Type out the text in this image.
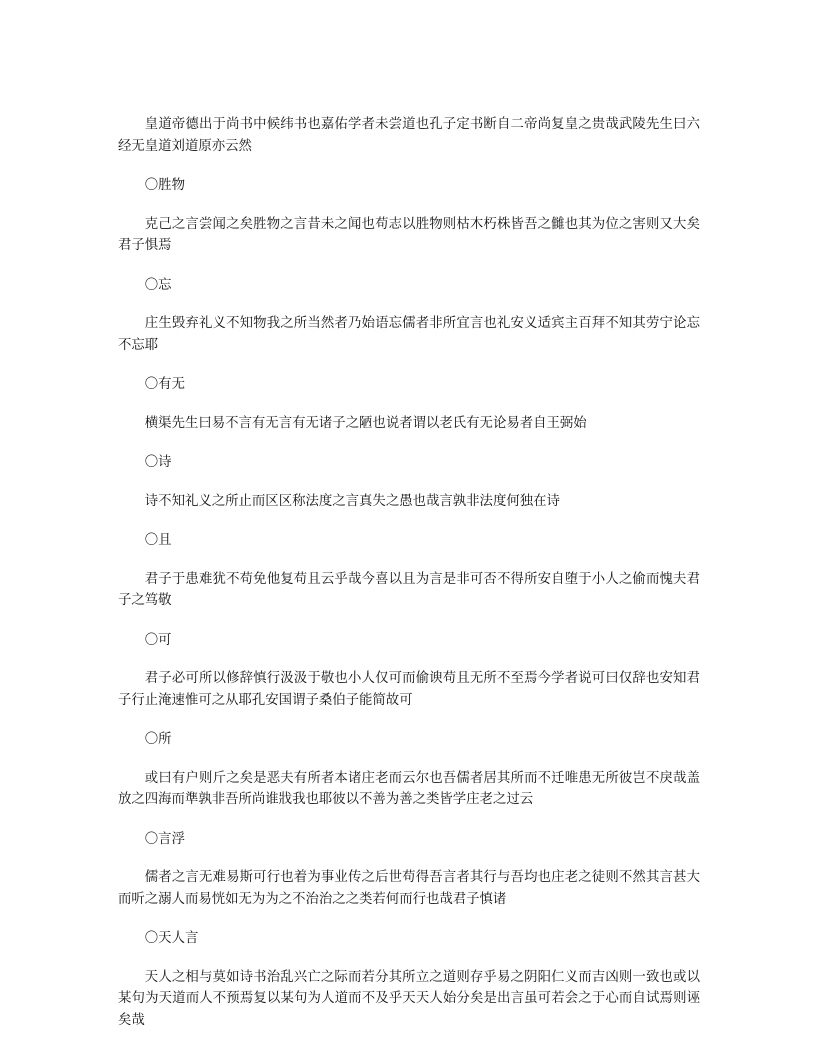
皇道帝德出于尚书中候纬书也嘉佑学者未尝道也孔子定书断自二帝尚复皇之贵哉武陵先生曰六经无皇道刘道原亦云然

〇胜物

克己之言尝闻之矣胜物之言昔未之闻也苟志以胜物则枯木朽株皆吾之雠也其为位之害则又大矣君子惧焉

〇忘

庄生毁弃礼义不知物我之所当然者乃始语忘儒者非所宜言也礼安义适宾主百拜不知其劳宁论忘不忘耶

〇有无

横渠先生曰易不言有无言有无诸子之陋也说者谓以老氏有无论易者自王弼始

〇诗

诗不知礼义之所止而区区称法度之言真失之愚也哉言孰非法度何独在诗

〇且

君子于患难犹不苟免他复苟且云乎哉今喜以且为言是非可否不得所安自堕于小人之偷而愧夫君子之笃敬

〇可

君子必可所以修辞慎行汲汲于敬也小人仅可而偷谀苟且无所不至焉今学者说可曰仅辞也安知君子行止淹速惟可之从耶孔安国谓子桑伯子能简故可

〇所

或曰有户则斤之矣是恶夫有所者本诸庄老而云尔也吾儒者居其所而不迁唯患无所彼岂不戾哉盖放之四海而準孰非吾所尚谁戕我也耶彼以不善为善之类皆学庄老之过云

〇言浮

儒者之言无难易斯可行也着为事业传之后世苟得吾言者其行与吾均也庄老之徒则不然其言甚大而听之溺人而易恍如无为为之不治治之之类若何而行也哉君子慎诸

〇天人言

天人之相与莫如诗书治乱兴亡之际而若分其所立之道则存乎易之阴阳仁义而吉凶则一致也或以某句为天道而人不预焉复以某句为人道而不及乎天天人始分矣是出言虽可若会之于心而自试焉则诬矣哉
